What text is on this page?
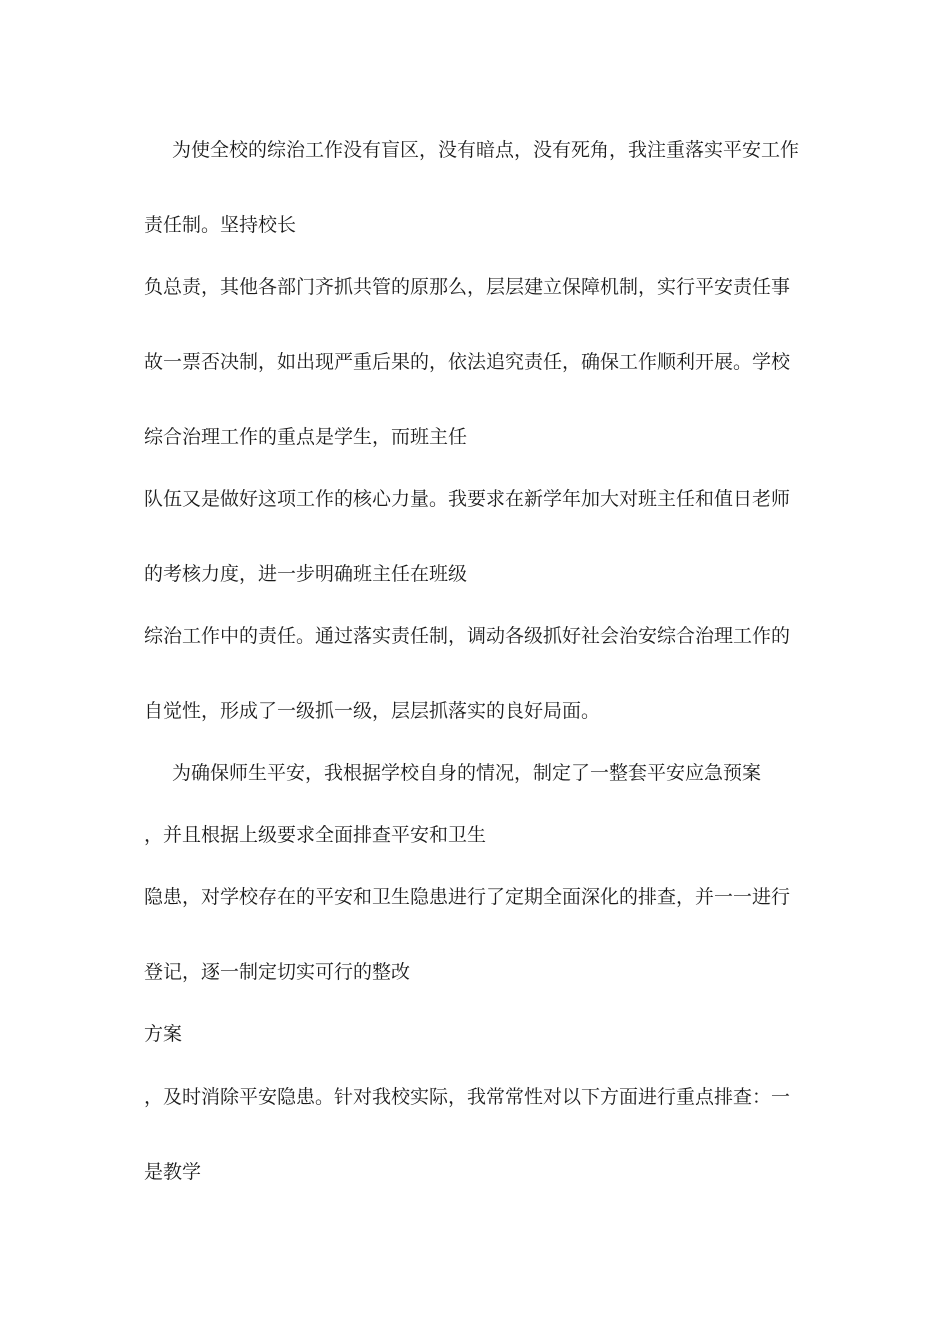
为使全校的综治工作没有盲区，没有暗点，没有死角，我注重落实平安工作

责任制。坚持校长

负总责，其他各部门齐抓共管的原那么，层层建立保障机制，实行平安责任事

故一票否决制，如出现严重后果的，依法追究责任，确保工作顺利开展。学校

综合治理工作的重点是学生，而班主任

队伍又是做好这项工作的核心力量。我要求在新学年加大对班主任和值日老师

的考核力度，进一步明确班主任在班级

综治工作中的责任。通过落实责任制，调动各级抓好社会治安综合治理工作的

自觉性，形成了一级抓一级，层层抓落实的良好局面。

为确保师生平安，我根据学校自身的情况，制定了一整套平安应急预案

，并且根据上级要求全面排查平安和卫生

隐患，对学校存在的平安和卫生隐患进行了定期全面深化的排查，并一一进行

登记，逐一制定切实可行的整改

方案

，及时消除平安隐患。针对我校实际，我常常性对以下方面进行重点排查：一

是教学
